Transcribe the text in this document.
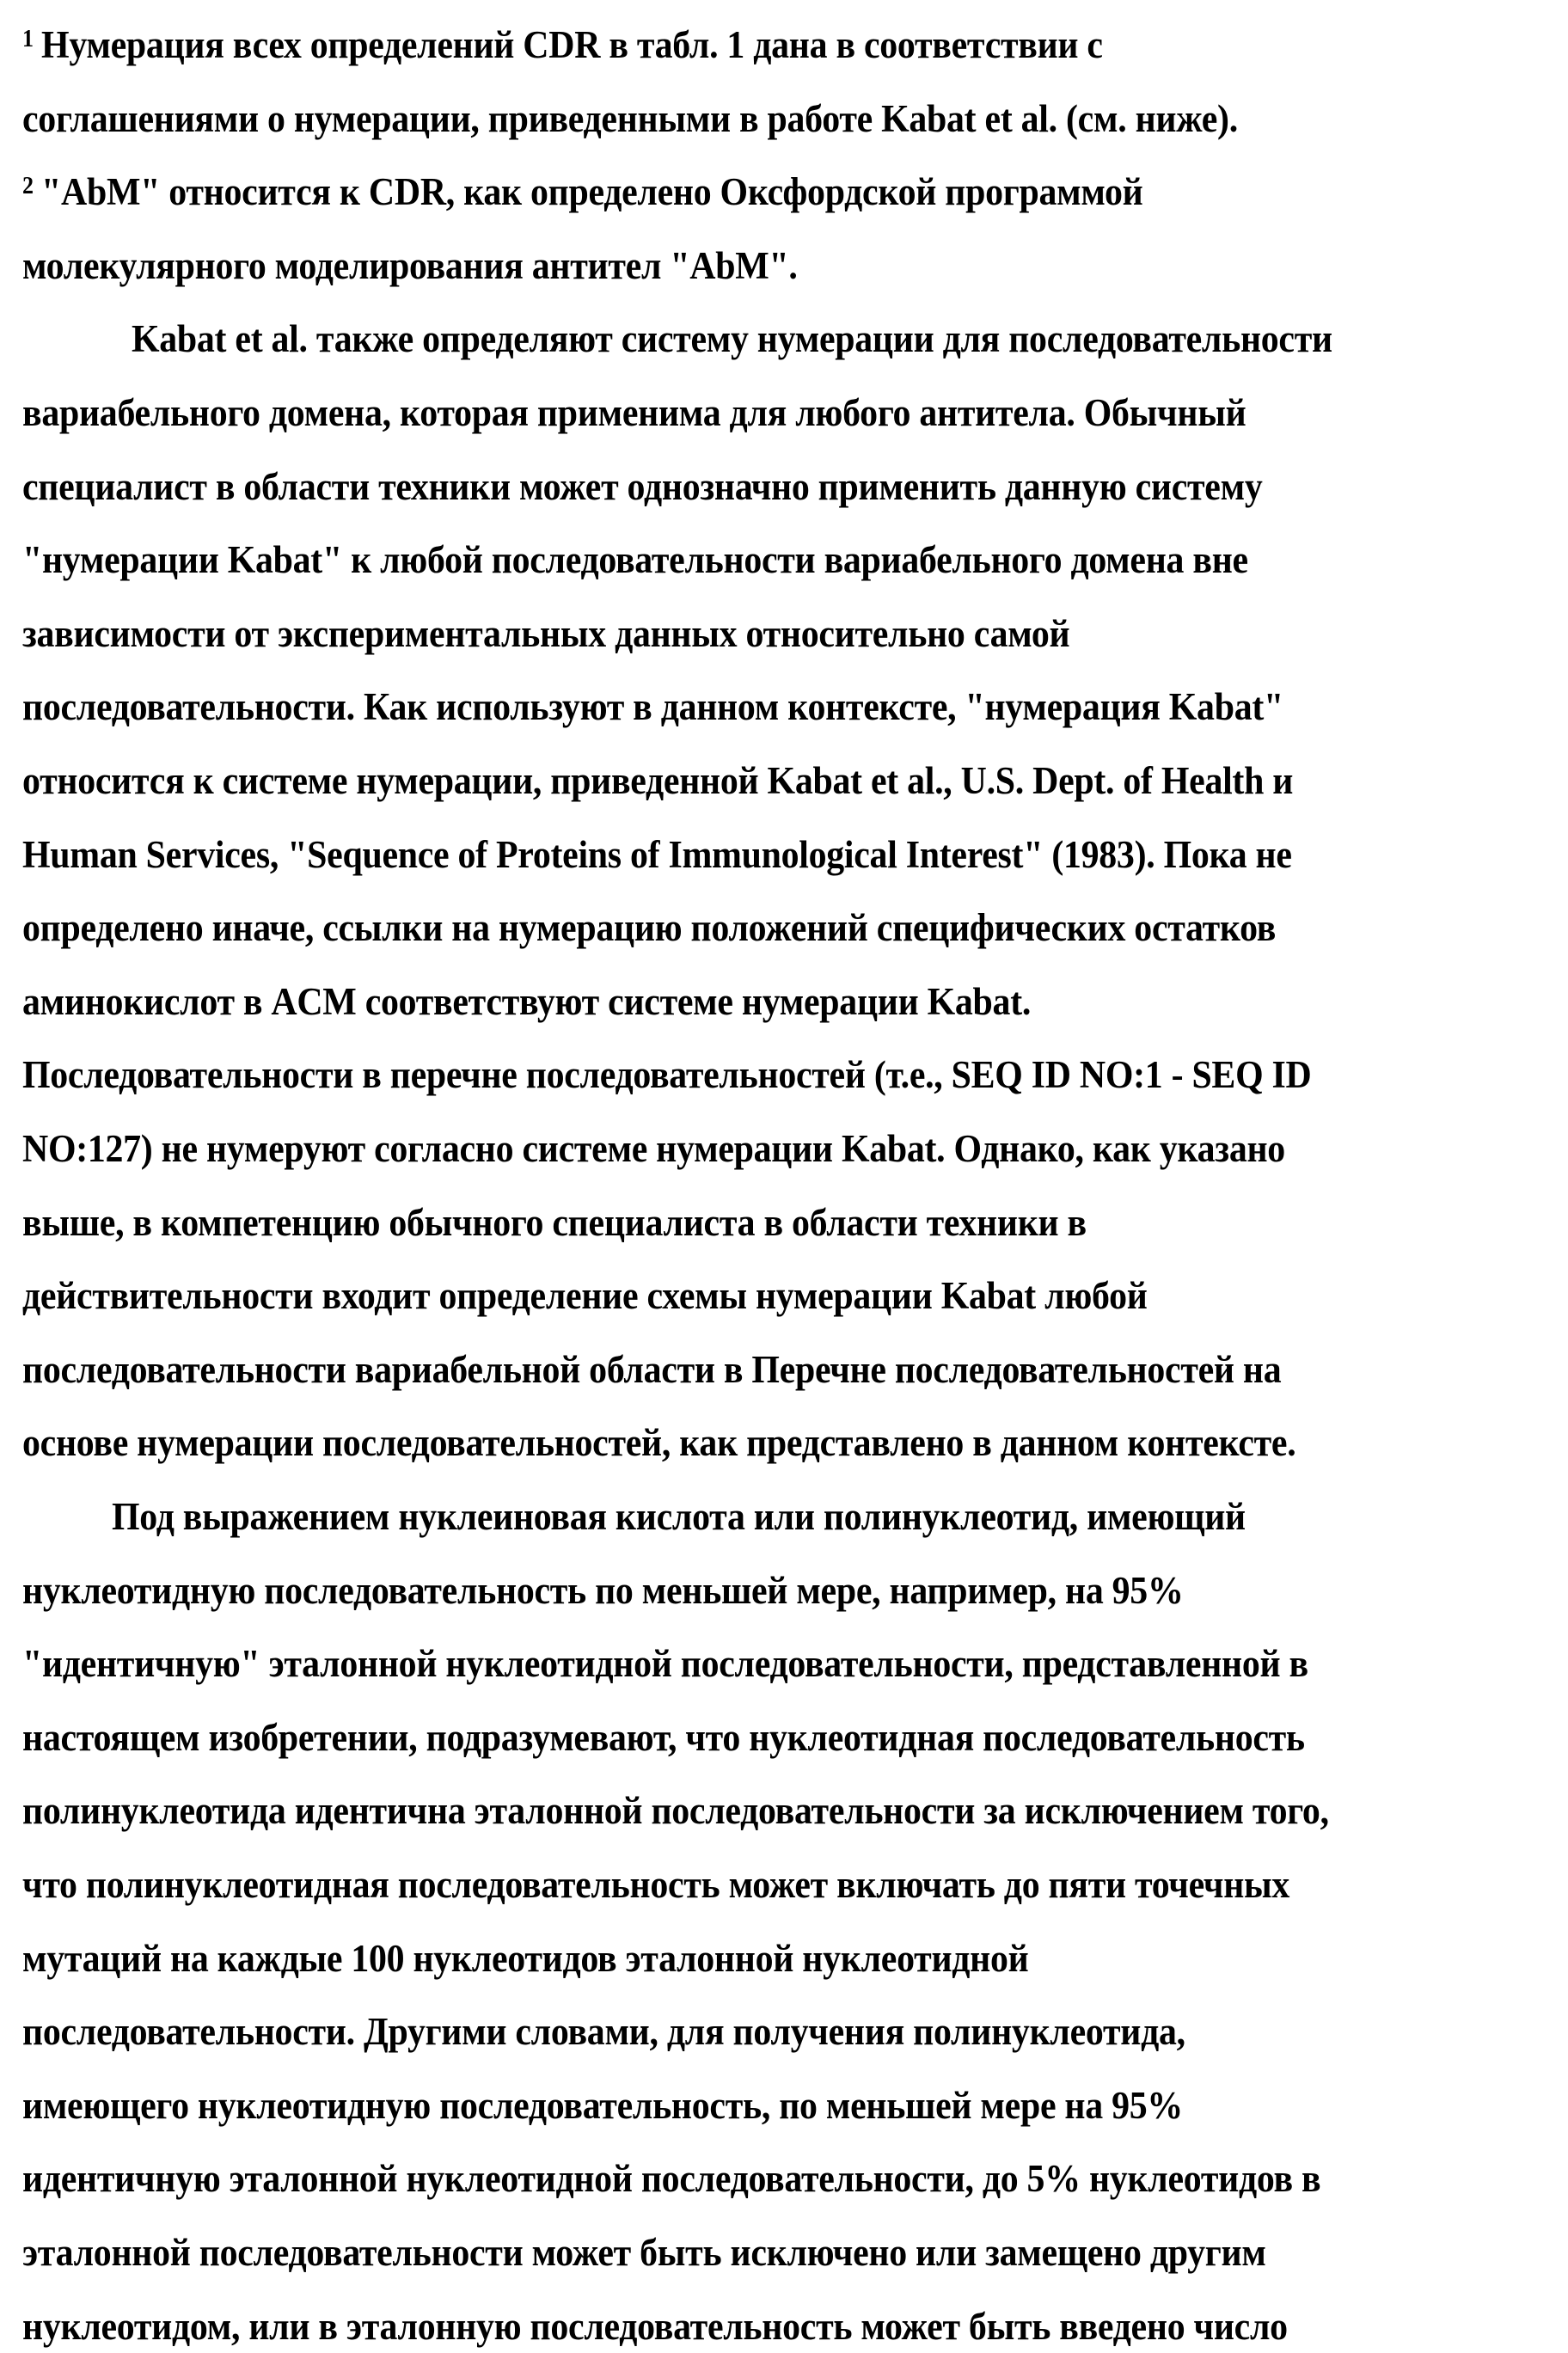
1 Нумерация всех определений CDR в табл. 1 дана в соответствии с
соглашениями о нумерации, приведенными в работе Kabat et al. (см. ниже).
2 "AbM" относится к CDR, как определено Оксфордской программой
молекулярного моделирования антител "AbM".
Kabat et al. также определяют систему нумерации для последовательности
вариабельного домена, которая применима для любого антитела. Обычный
специалист в области техники может однозначно применить данную систему
"нумерации Kabat" к любой последовательности вариабельного домена вне
зависимости от экспериментальных данных относительно самой
последовательности. Как используют в данном контексте, "нумерация Kabat"
относится к системе нумерации, приведенной Kabat et al., U.S. Dept. of Health и
Human Services, "Sequence of Proteins of Immunological Interest" (1983). Пока не
определено иначе, ссылки на нумерацию положений специфических остатков
аминокислот в ACM соответствуют системе нумерации Kabat.
Последовательности в перечне последовательностей (т.е., SEQ ID NO:1 - SEQ ID
NO:127) не нумеруют согласно системе нумерации Kabat. Однако, как указано
выше, в компетенцию обычного специалиста в области техники в
действительности входит определение схемы нумерации Kabat любой
последовательности вариабельной области в Перечне последовательностей на
основе нумерации последовательностей, как представлено в данном контексте.
Под выражением нуклеиновая кислота или полинуклеотид, имеющий
нуклеотидную последовательность по меньшей мере, например, на 95%
"идентичную" эталонной нуклеотидной последовательности, представленной в
настоящем изобретении, подразумевают, что нуклеотидная последовательность
полинуклеотида идентична эталонной последовательности за исключением того,
что полинуклеотидная последовательность может включать до пяти точечных
мутаций на каждые 100 нуклеотидов эталонной нуклеотидной
последовательности. Другими словами, для получения полинуклеотида,
имеющего нуклеотидную последовательность, по меньшей мере на 95%
идентичную эталонной нуклеотидной последовательности, до 5% нуклеотидов в
эталонной последовательности может быть исключено или замещено другим
нуклеотидом, или в эталонную последовательность может быть введено число
